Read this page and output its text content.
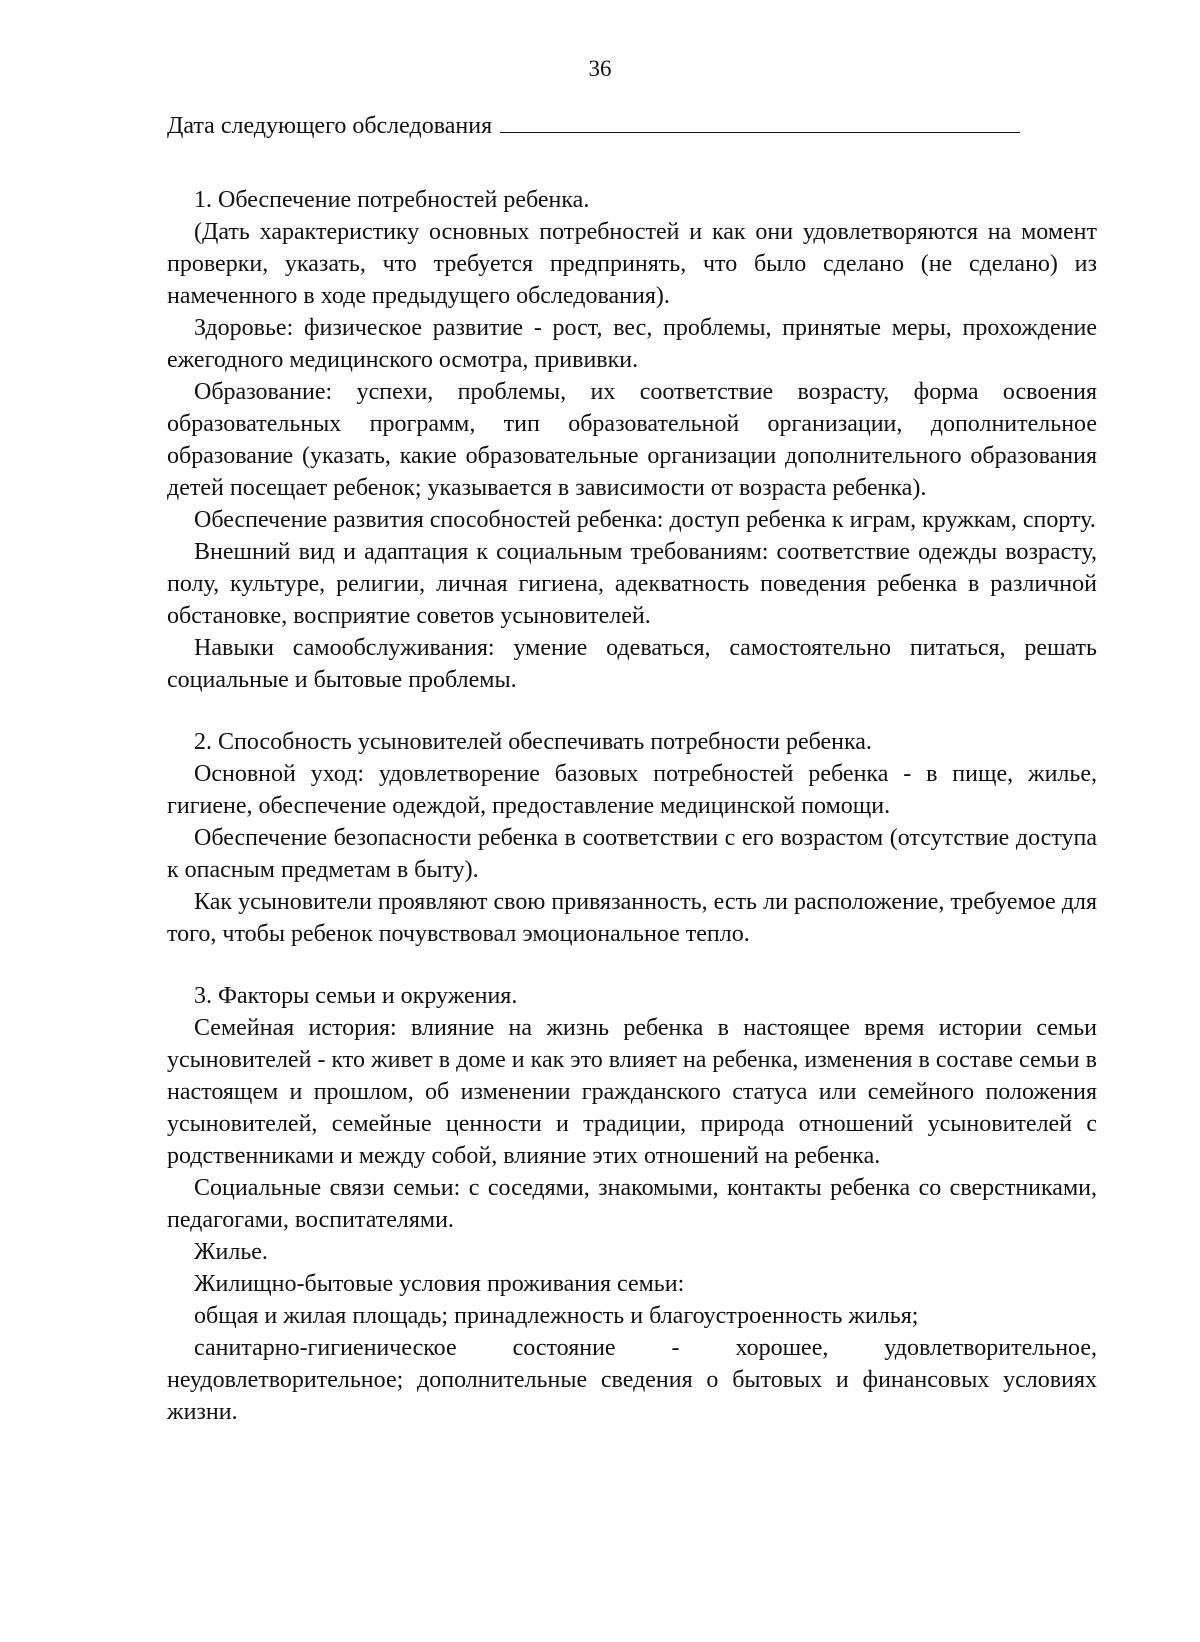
36
Дата следующего обследования

1. Обеспечение потребностей ребенка.

(Дать характеристику основных потребностей и как они удовлетворяются на момент проверки, указать, что требуется предпринять, что было сделано (не сделано) из намеченного в ходе предыдущего обследования).

Здоровье: физическое развитие - рост, вес, проблемы, принятые меры, прохождение ежегодного медицинского осмотра, прививки.

Образование: успехи, проблемы, их соответствие возрасту, форма освоения образовательных программ, тип образовательной организации, дополнительное образование (указать, какие образовательные организации дополнительного образования детей посещает ребенок; указывается в зависимости от возраста ребенка).

Обеспечение развития способностей ребенка: доступ ребенка к играм, кружкам, спорту.

Внешний вид и адаптация к социальным требованиям: соответствие одежды возрасту, полу, культуре, религии, личная гигиена, адекватность поведения ребенка в различной обстановке, восприятие советов усыновителей.

Навыки самообслуживания: умение одеваться, самостоятельно питаться, решать социальные и бытовые проблемы.

2. Способность усыновителей обеспечивать потребности ребенка.

Основной уход: удовлетворение базовых потребностей ребенка - в пище, жилье, гигиене, обеспечение одеждой, предоставление медицинской помощи.

Обеспечение безопасности ребенка в соответствии с его возрастом (отсутствие доступа к опасным предметам в быту).

Как усыновители проявляют свою привязанность, есть ли расположение, требуемое для того, чтобы ребенок почувствовал эмоциональное тепло.

3. Факторы семьи и окружения.

Семейная история: влияние на жизнь ребенка в настоящее время истории семьи усыновителей - кто живет в доме и как это влияет на ребенка, изменения в составе семьи в настоящем и прошлом, об изменении гражданского статуса или семейного положения усыновителей, семейные ценности и традиции, природа отношений усыновителей с родственниками и между собой, влияние этих отношений на ребенка.

Социальные связи семьи: с соседями, знакомыми, контакты ребенка со сверстниками, педагогами, воспитателями.

Жилье.

Жилищно-бытовые условия проживания семьи:

общая и жилая площадь; принадлежность и благоустроенность жилья;

санитарно-гигиеническое состояние - хорошее, удовлетворительное, неудовлетворительное; дополнительные сведения о бытовых и финансовых условиях жизни.
